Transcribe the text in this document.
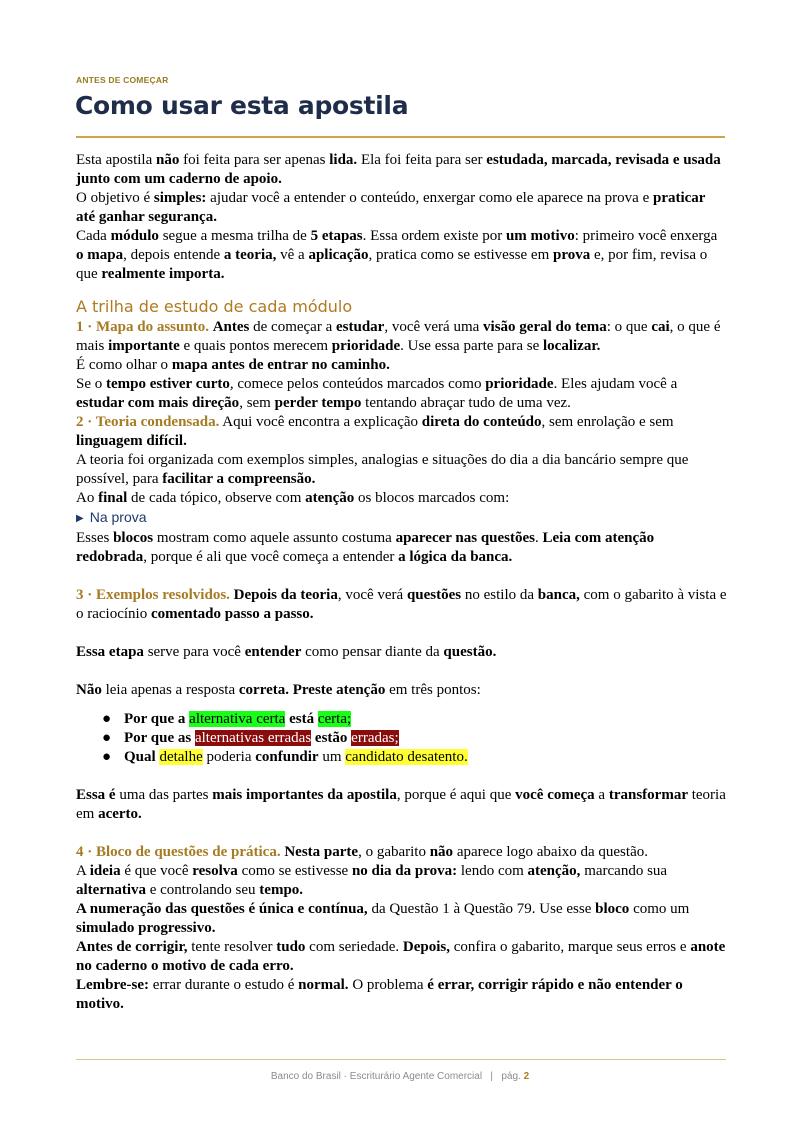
ANTES DE COMEÇAR
Como usar esta apostila

Esta apostila não foi feita para ser apenas lida. Ela foi feita para ser estudada, marcada, revisada e usada junto com um caderno de apoio.

O objetivo é simples: ajudar você a entender o conteúdo, enxergar como ele aparece na prova e praticar até ganhar segurança.

Cada módulo segue a mesma trilha de 5 etapas. Essa ordem existe por um motivo: primeiro você enxerga o mapa, depois entende a teoria, vê a aplicação, pratica como se estivesse em prova e, por fim, revisa o que realmente importa.

A trilha de estudo de cada módulo

1 · Mapa do assunto. Antes de começar a estudar, você verá uma visão geral do tema: o que cai, o que é mais importante e quais pontos merecem prioridade. Use essa parte para se localizar.

É como olhar o mapa antes de entrar no caminho.

Se o tempo estiver curto, comece pelos conteúdos marcados como prioridade. Eles ajudam você a estudar com mais direção, sem perder tempo tentando abraçar tudo de uma vez.

2 · Teoria condensada. Aqui você encontra a explicação direta do conteúdo, sem enrolação e sem linguagem difícil.

A teoria foi organizada com exemplos simples, analogias e situações do dia a dia bancário sempre que possível, para facilitar a compreensão.

Ao final de cada tópico, observe com atenção os blocos marcados com:

▶ Na prova

Esses blocos mostram como aquele assunto costuma aparecer nas questões. Leia com atenção redobrada, porque é ali que você começa a entender a lógica da banca.

3 · Exemplos resolvidos. Depois da teoria, você verá questões no estilo da banca, com o gabarito à vista e o raciocínio comentado passo a passo.

Essa etapa serve para você entender como pensar diante da questão.

Não leia apenas a resposta correta. Preste atenção em três pontos:

● Por que a alternativa certa está certa;
● Por que as alternativas erradas estão erradas;
● Qual detalhe poderia confundir um candidato desatento.

Essa é uma das partes mais importantes da apostila, porque é aqui que você começa a transformar teoria em acerto.

4 · Bloco de questões de prática. Nesta parte, o gabarito não aparece logo abaixo da questão.

A ideia é que você resolva como se estivesse no dia da prova: lendo com atenção, marcando sua alternativa e controlando seu tempo.

A numeração das questões é única e contínua, da Questão 1 à Questão 79. Use esse bloco como um simulado progressivo.

Antes de corrigir, tente resolver tudo com seriedade. Depois, confira o gabarito, marque seus erros e anote no caderno o motivo de cada erro.

Lembre-se: errar durante o estudo é normal. O problema é errar, corrigir rápido e não entender o motivo.

Banco do Brasil · Escriturário Agente Comercial | pág. 2
